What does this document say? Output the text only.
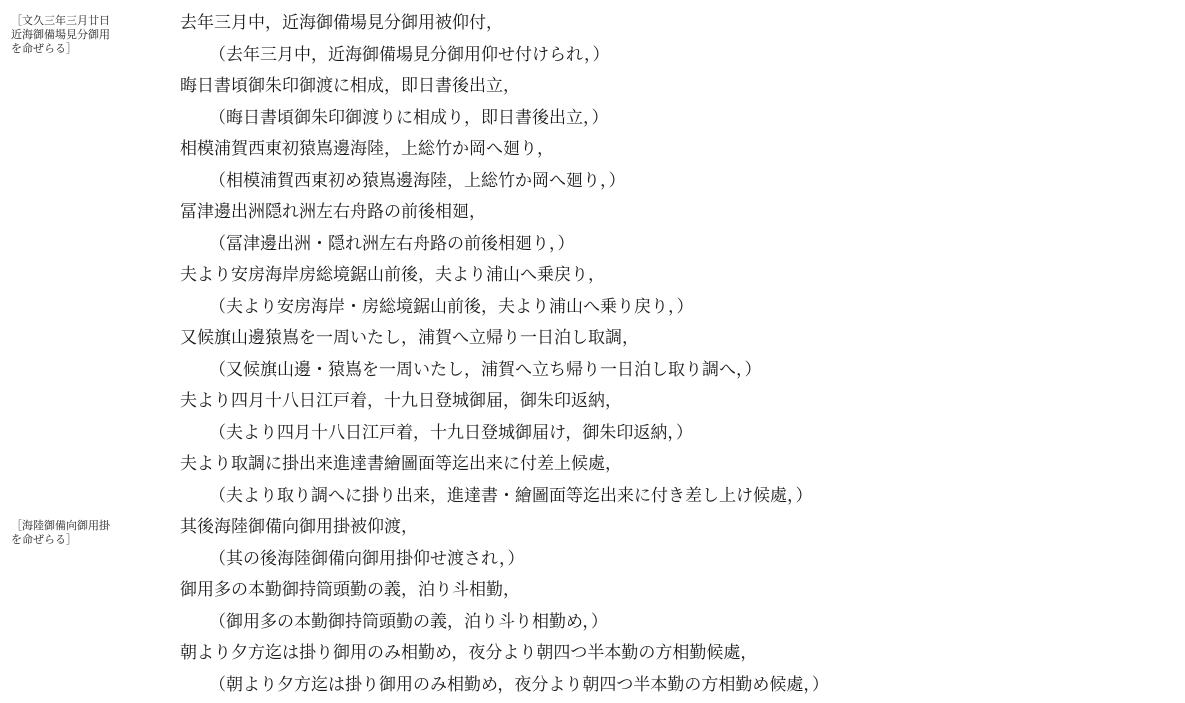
［文久三年三月廿日
近海御備場見分御用
を命ぜらる］
［海陸御備向御用掛
を命ぜらる］
去年三月中，近海御備場見分御用被仰付，
（去年三月中，近海御備場見分御用仰せ付けられ，）
晦日書頃御朱印御渡に相成，即日書後出立，
（晦日書頃御朱印御渡りに相成り，即日書後出立，）
相模浦賀西東初猿嶌邊海陸，上総竹か岡へ廻り，
（相模浦賀西東初め猿嶌邊海陸，上総竹か岡へ廻り，）
冨津邊出洲隠れ洲左右舟路の前後相廻，
（冨津邊出洲・隠れ洲左右舟路の前後相廻り，）
夫より安房海岸房総境鋸山前後，夫より浦山へ乗戻り，
（夫より安房海岸・房総境鋸山前後，夫より浦山へ乗り戻り，）
又候旗山邊猿嶌を一周いたし，浦賀へ立帰り一日泊し取調，
（又候旗山邊・猿嶌を一周いたし，浦賀へ立ち帰り一日泊し取り調へ，）
夫より四月十八日江戸着，十九日登城御届，御朱印返納，
（夫より四月十八日江戸着，十九日登城御届け，御朱印返納，）
夫より取調に掛出来進達書繪圖面等迄出来に付差上候處，
（夫より取り調へに掛り出来，進達書・繪圖面等迄出来に付き差し上け候處，）
其後海陸御備向御用掛被仰渡，
（其の後海陸御備向御用掛仰せ渡され，）
御用多の本勤御持筒頭勤の義，泊り斗相勤，
（御用多の本勤御持筒頭勤の義，泊り斗り相勤め，）
朝より夕方迄は掛り御用のみ相勤め，夜分より朝四つ半本勤の方相勤候處，
（朝より夕方迄は掛り御用のみ相勤め，夜分より朝四つ半本勤の方相勤め候處，）
